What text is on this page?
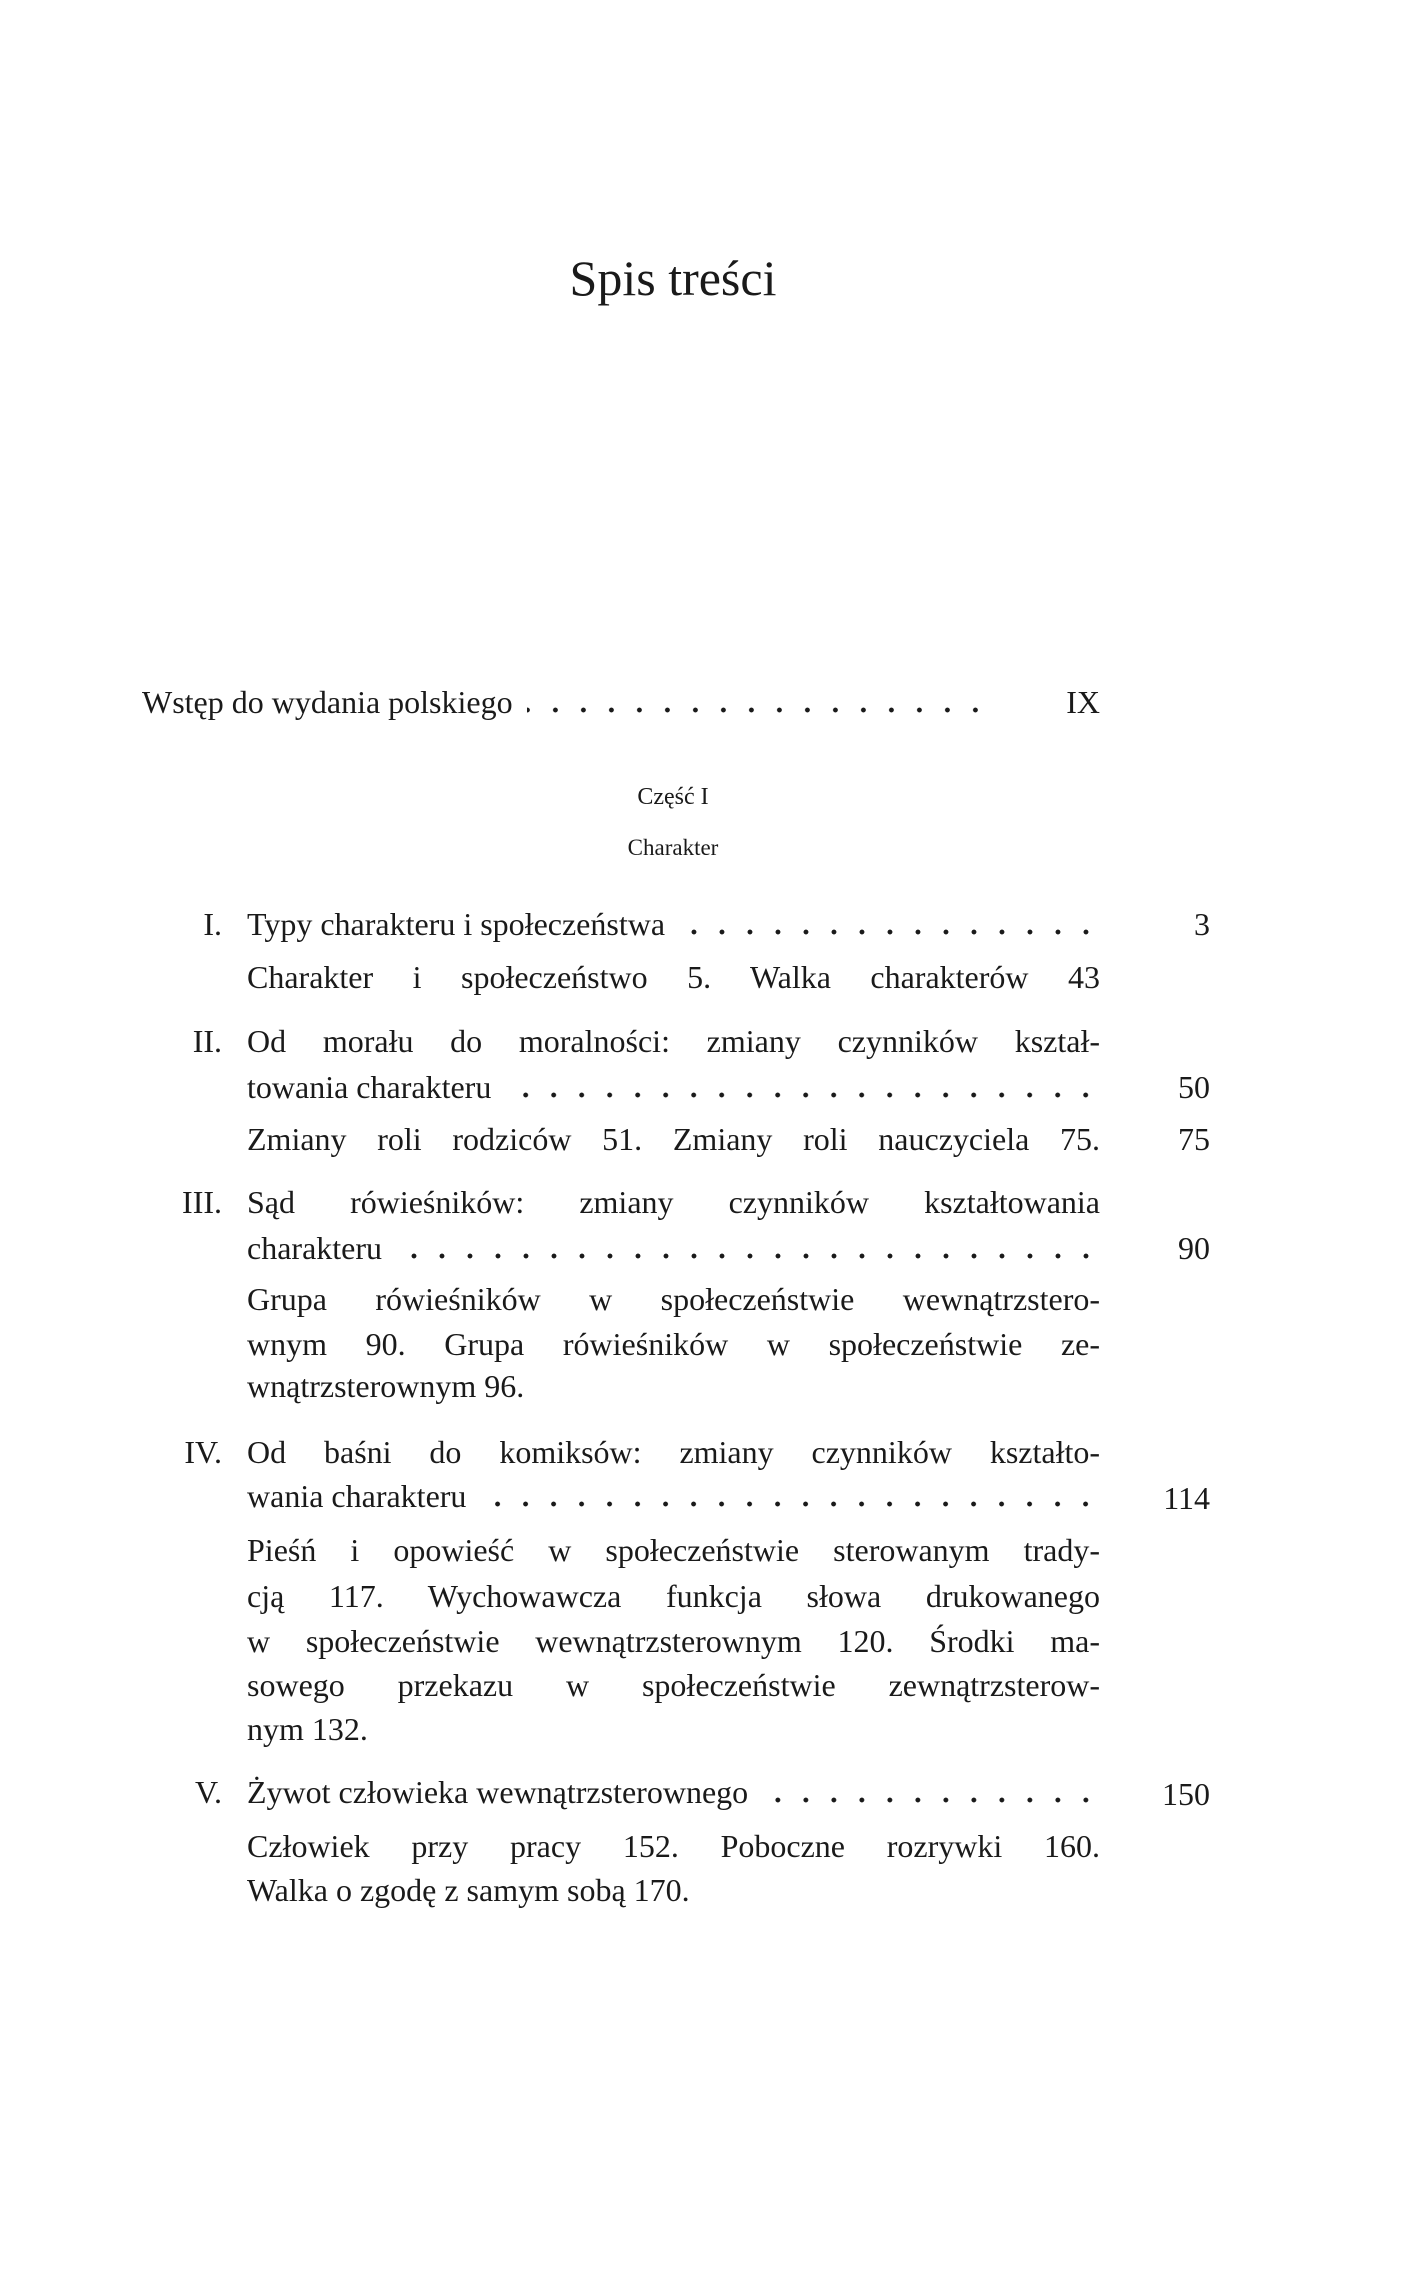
Spis treści
Wstęp do wydania polskiego	IX
Część I
Charakter
I. Typy charakteru i społeczeństwa	3
Charakter i społeczeństwo 5. Walka charakterów 43
II. Od morału do moralności: zmiany czynników kształ-
towania charakteru	50
Zmiany roli rodziców 51. Zmiany roli nauczyciela 75. 75
III. Sąd rówieśników: zmiany czynników kształtowania
charakteru	90
Grupa rówieśników w społeczeństwie wewnątrzstero-
wnym 90. Grupa rówieśników w społeczeństwie ze-
wnątrzsterownym 96.
IV. Od baśni do komiksów: zmiany czynników kształto-
wania charakteru	114
Pieśń i opowieść w społeczeństwie sterowanym trady-
cją 117. Wychowawcza funkcja słowa drukowanego
w społeczeństwie wewnątrzsterownym 120. Środki ma-
sowego przekazu w społeczeństwie zewnątrzsterow-
nym 132.
V. Żywot człowieka wewnątrzsterownego	150
Człowiek przy pracy 152. Poboczne rozrywki 160.
Walka o zgodę z samym sobą 170.
